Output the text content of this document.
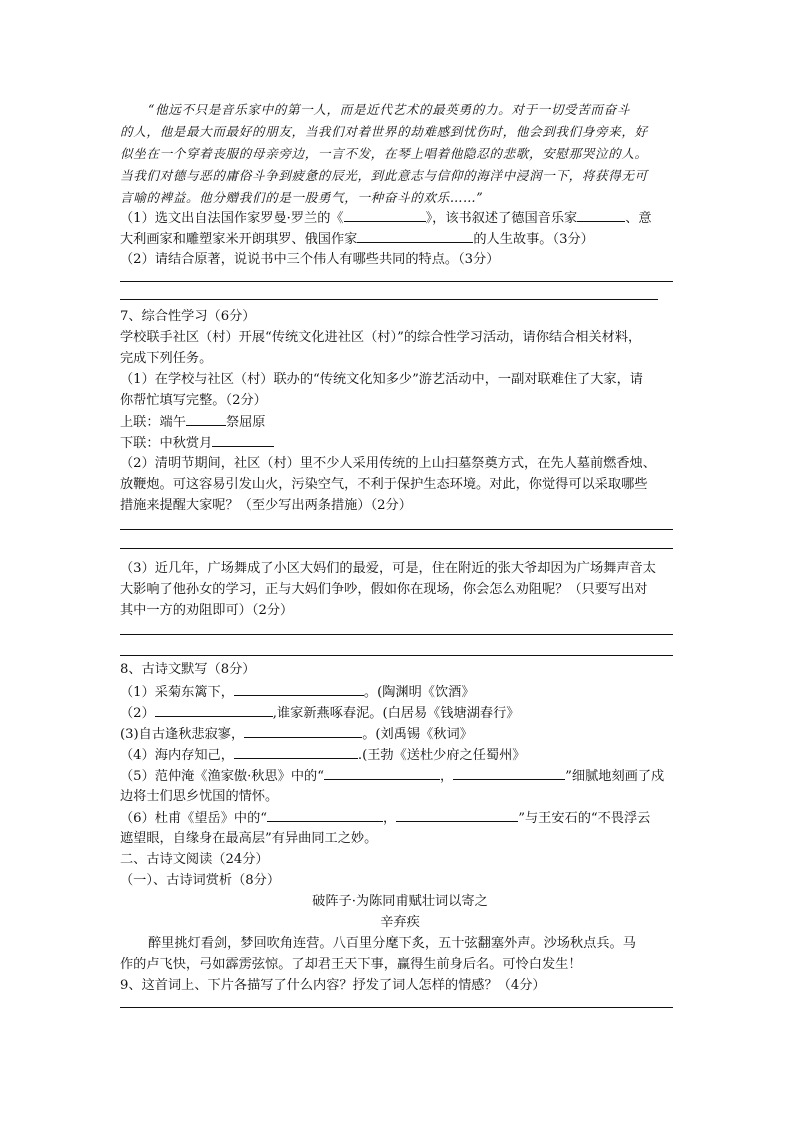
“他远不只是音乐家中的第一人，而是近代艺术的最英勇的力。对于一切受苦而奋斗
的人，他是最大而最好的朋友，当我们对着世界的劫难感到忧伤时，他会到我们身旁来，好
似坐在一个穿着丧服的母亲旁边，一言不发，在琴上唱着他隐忍的悲歌，安慰那哭泣的人。
当我们对德与恶的庸俗斗争到疲惫的辰光，到此意志与信仰的海洋中浸润一下，将获得无可
言喻的裨益。他分赠我们的是一股勇气，一种奋斗的欢乐……”
（1）选文出自法国作家罗曼·罗兰的《	》，该书叙述了德国音乐家	、意
大利画家和雕塑家米开朗琪罗、俄国作家	的人生故事。（3分）
（2）请结合原著，说说书中三个伟人有哪些共同的特点。（3分）
7、综合性学习（6分）
学校联手社区（村）开展“传统文化进社区（村）”的综合性学习活动，请你结合相关材料，
完成下列任务。
（1）在学校与社区（村）联办的“传统文化知多少”游艺活动中，一副对联难住了大家，请
你帮忙填写完整。（2分）
上联：端午	祭屈原
下联：中秋赏月
（2）清明节期间，社区（村）里不少人采用传统的上山扫墓祭奠方式，在先人墓前燃香烛、
放鞭炮。可这容易引发山火，污染空气，不利于保护生态环境。对此，你觉得可以采取哪些
措施来提醒大家呢？（至少写出两条措施）（2分）
（3）近几年，广场舞成了小区大妈们的最爱，可是，住在附近的张大爷却因为广场舞声音太
大影响了他孙女的学习，正与大妈们争吵，假如你在现场，你会怎么劝阻呢？（只要写出对
其中一方的劝阻即可）（2分）
8、古诗文默写（8分）
（1）采菊东篱下，	。(陶渊明《饮酒》
（2）	,谁家新燕啄春泥。(白居易《钱塘湖春行》
(3)自古逢秋悲寂寥，	。(刘禹锡《秋词》
（4）海内存知己，	.(王勃《送杜少府之任蜀州》
（5）范仲淹《渔家傲·秋思》中的“	，	”细腻地刻画了戍
边将士们思乡忧国的情怀。
（6）杜甫《望岳》中的“	，	”与王安石的“不畏浮云
遮望眼，自缘身在最高层”有异曲同工之妙。
二、古诗文阅读（24分）
（一）、古诗词赏析（8分）
破阵子·为陈同甫赋壮词以寄之
辛弃疾
醉里挑灯看剑，梦回吹角连营。八百里分麾下炙，五十弦翻塞外声。沙场秋点兵。马
作的卢飞快，弓如霹雳弦惊。了却君王天下事，赢得生前身后名。可怜白发生！
9、这首词上、下片各描写了什么内容？抒发了词人怎样的情感？（4分）
